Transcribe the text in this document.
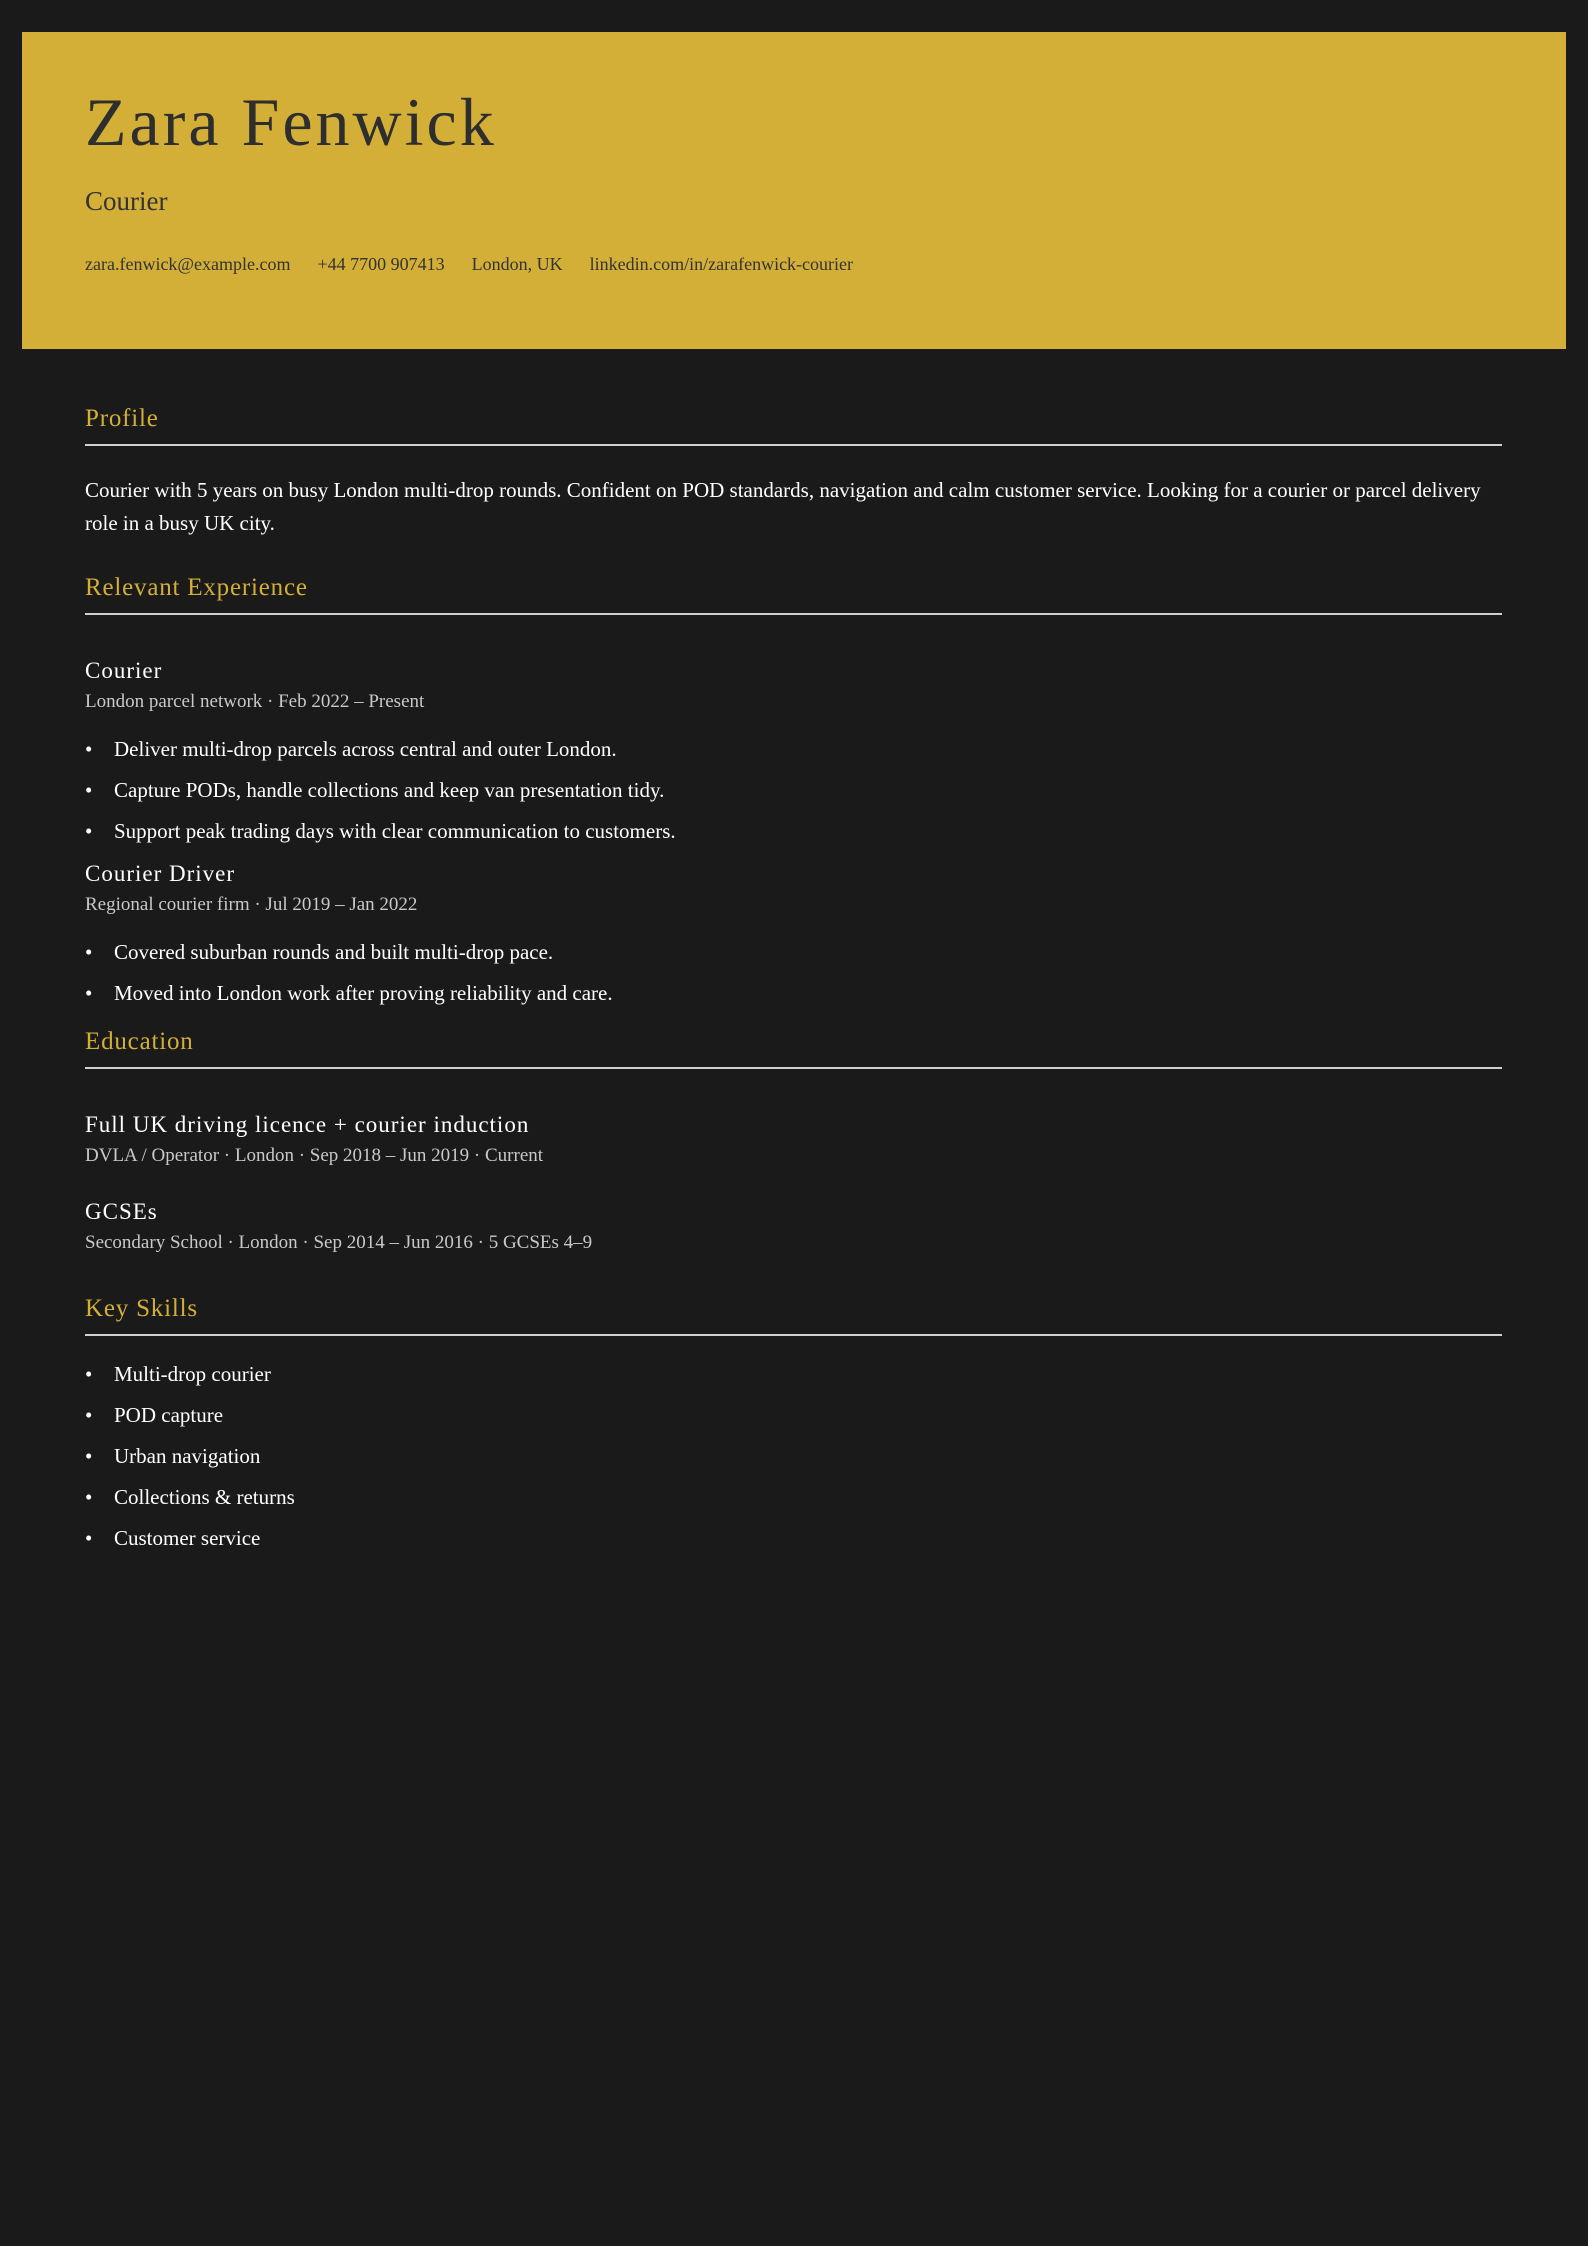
Zara Fenwick
Courier
zara.fenwick@example.com +44 7700 907413 London, UK linkedin.com/in/zarafenwick-courier
Profile

Courier with 5 years on busy London multi-drop rounds. Confident on POD standards, navigation and calm customer service. Looking for a courier or parcel delivery role in a busy UK city.

Relevant Experience
Courier
London parcel network · Feb 2022 – Present
• Deliver multi-drop parcels across central and outer London.
• Capture PODs, handle collections and keep van presentation tidy.
• Support peak trading days with clear communication to customers.
Courier Driver
Regional courier firm · Jul 2019 – Jan 2022
• Covered suburban rounds and built multi-drop pace.
• Moved into London work after proving reliability and care.
Education
Full UK driving licence + courier induction
DVLA / Operator · London · Sep 2018 – Jun 2019 · Current
GCSEs
Secondary School · London · Sep 2014 – Jun 2016 · 5 GCSEs 4–9
Key Skills
• Multi-drop courier
• POD capture
• Urban navigation
• Collections & returns
• Customer service
